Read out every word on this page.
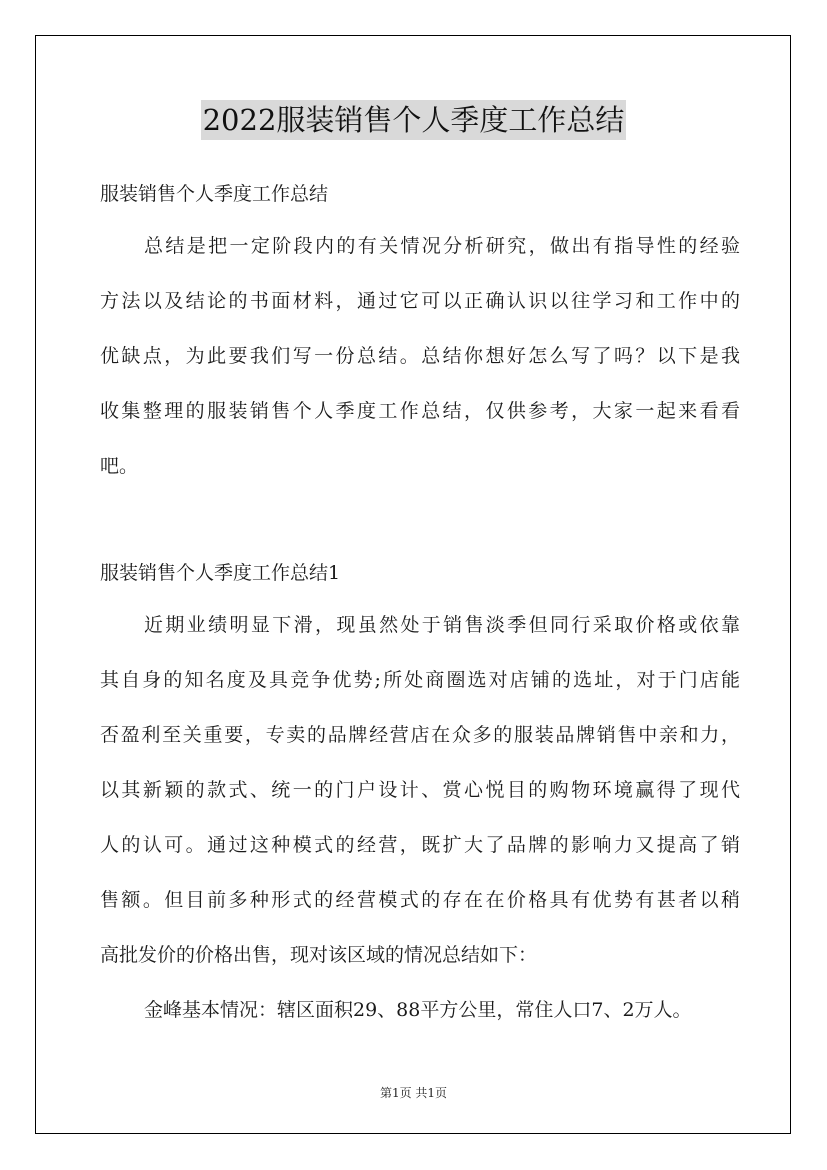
2022服装销售个人季度工作总结
服装销售个人季度工作总结
总结是把一定阶段内的有关情况分析研究，做出有指导性的经验
方法以及结论的书面材料，通过它可以正确认识以往学习和工作中的
优缺点，为此要我们写一份总结。总结你想好怎么写了吗？以下是我
收集整理的服装销售个人季度工作总结，仅供参考，大家一起来看看
吧。
服装销售个人季度工作总结1
近期业绩明显下滑，现虽然处于销售淡季但同行采取价格或依靠
其自身的知名度及具竞争优势;所处商圈选对店铺的选址，对于门店能
否盈利至关重要，专卖的品牌经营店在众多的服装品牌销售中亲和力，
以其新颖的款式、统一的门户设计、赏心悦目的购物环境赢得了现代
人的认可。通过这种模式的经营，既扩大了品牌的影响力又提高了销
售额。但目前多种形式的经营模式的存在在价格具有优势有甚者以稍
高批发价的价格出售，现对该区域的情况总结如下：
金峰基本情况：辖区面积29、88平方公里，常住人口7、2万人。
第1页 共1页
